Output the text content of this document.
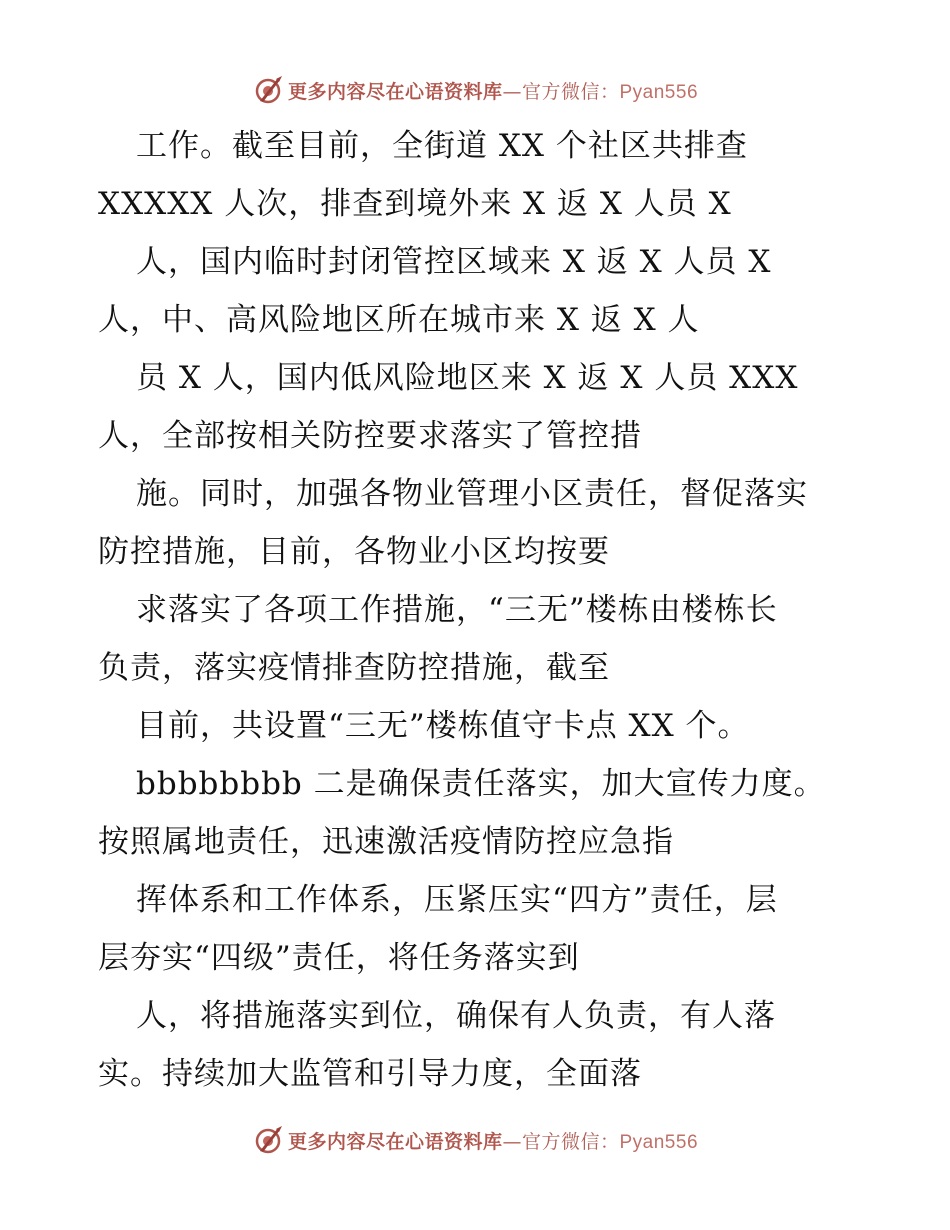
更多内容尽在心语资料库—官方微信：Pyan556
工作。截至目前，全街道 XX 个社区共排查
XXXXX 人次，排查到境外来 X 返 X 人员 X
人，国内临时封闭管控区域来 X 返 X 人员 X
人，中、高风险地区所在城市来 X 返 X 人
员 X 人，国内低风险地区来 X 返 X 人员 XXX
人，全部按相关防控要求落实了管控措
施。同时，加强各物业管理小区责任，督促落实
防控措施，目前，各物业小区均按要
求落实了各项工作措施，“三无”楼栋由楼栋长
负责，落实疫情排查防控措施，截至
目前，共设置“三无”楼栋值守卡点 XX 个。
bbbbbbbb 二是确保责任落实，加大宣传力度。
按照属地责任，迅速激活疫情防控应急指
挥体系和工作体系，压紧压实“四方”责任，层
层夯实“四级”责任，将任务落实到
人，将措施落实到位，确保有人负责，有人落
实。持续加大监管和引导力度，全面落
更多内容尽在心语资料库—官方微信：Pyan556
